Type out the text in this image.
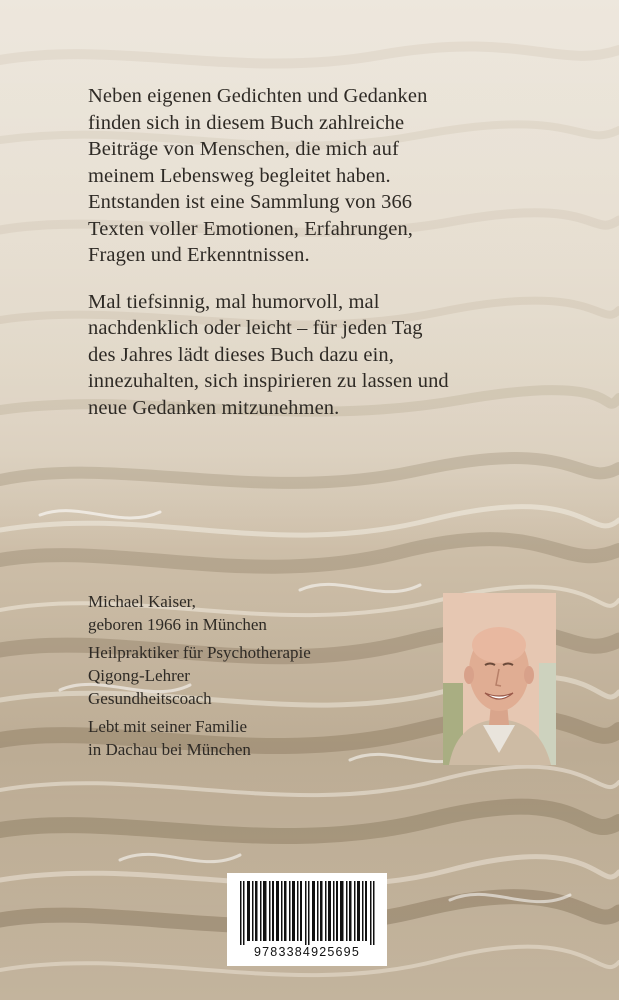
Neben eigenen Gedichten und Gedanken
finden sich in diesem Buch zahlreiche
Beiträge von Menschen, die mich auf
meinem Lebensweg begleitet haben.
Entstanden ist eine Sammlung von 366
Texten voller Emotionen, Erfahrungen,
Fragen und Erkenntnissen.

Mal tiefsinnig, mal humorvoll, mal
nachdenklich oder leicht – für jeden Tag
des Jahres lädt dieses Buch dazu ein,
innezuhalten, sich inspirieren zu lassen und
neue Gedanken mitzunehmen.

Michael Kaiser,
geboren 1966 in München

Heilpraktiker für Psychotherapie
Qigong-Lehrer
Gesundheitscoach

Lebt mit seiner Familie
in Dachau bei München

9783384925695
